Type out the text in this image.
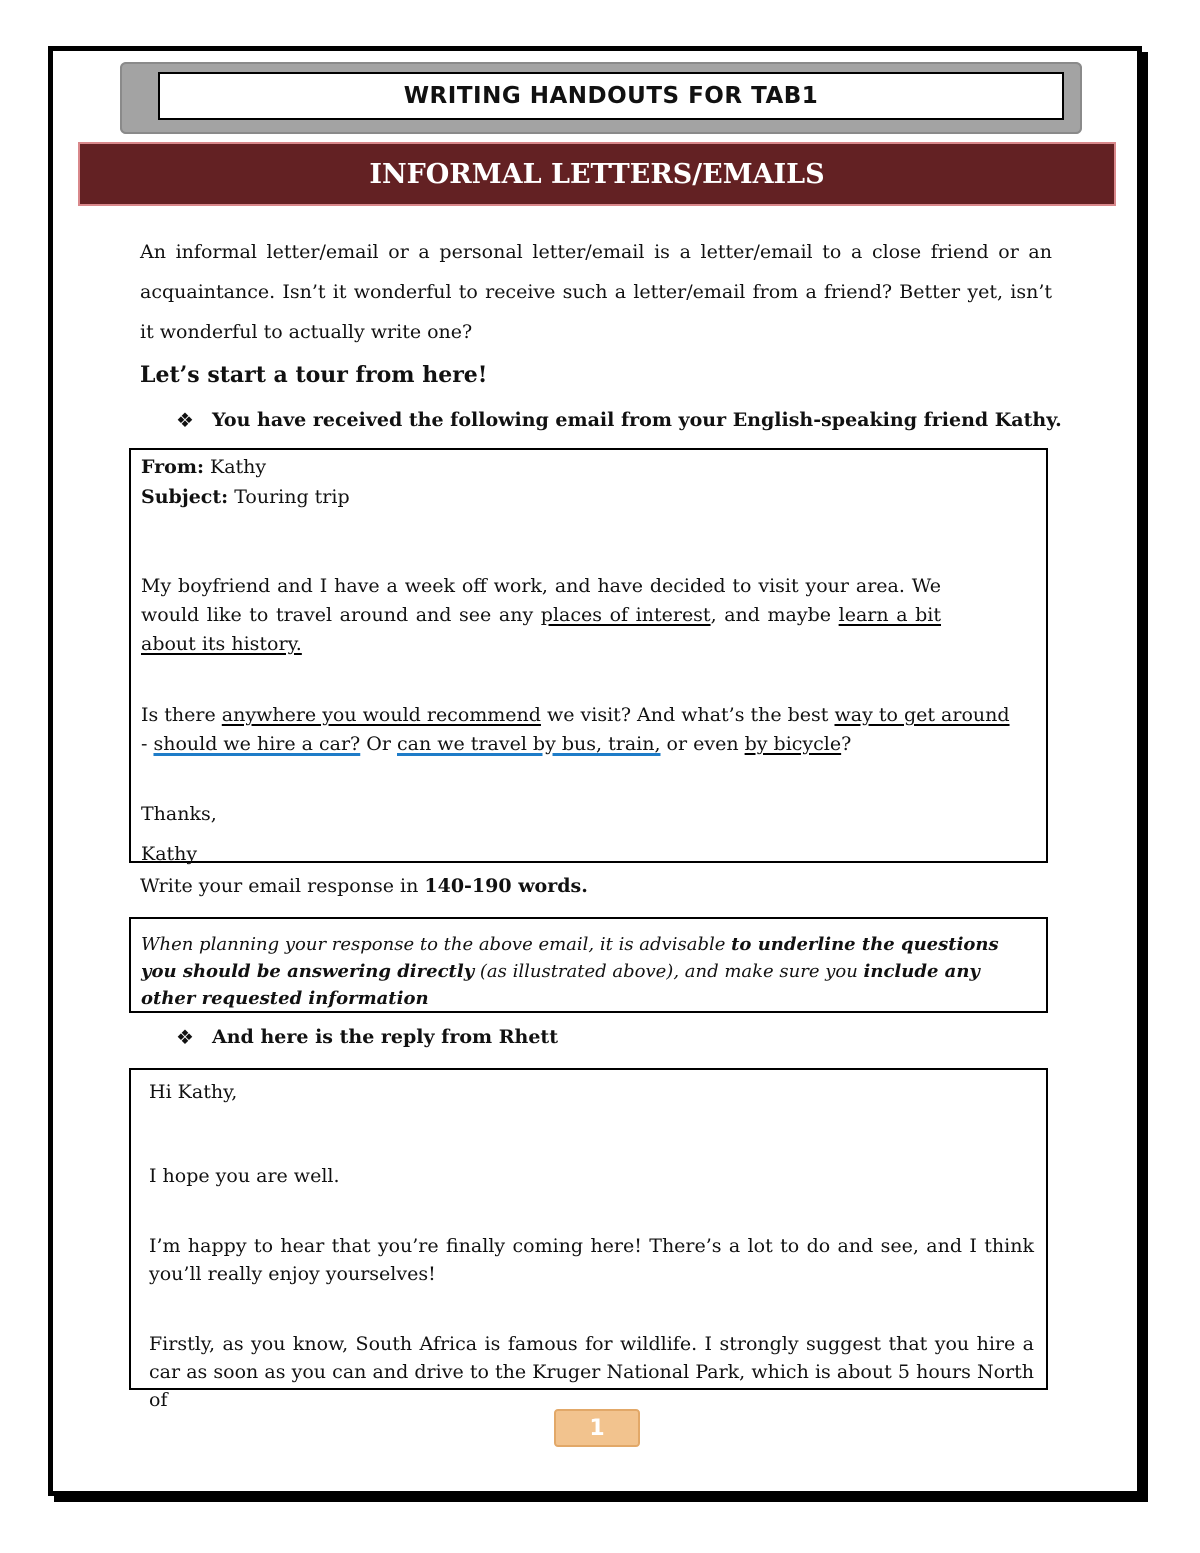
WRITING HANDOUTS FOR TAB1
INFORMAL LETTERS/EMAILS

An informal letter/email or a personal letter/email is a letter/email to a close friend or an acquaintance. Isn’t it wonderful to receive such a letter/email from a friend? Better yet, isn’t it wonderful to actually write one?

Let’s start a tour from here!

❖ You have received the following email from your English-speaking friend Kathy.

From: Kathy

Subject: Touring trip

My boyfriend and I have a week off work, and have decided to visit your area. We would like to travel around and see any places of interest, and maybe learn a bit about its history.

Is there anywhere you would recommend we visit? And what’s the best way to get around - should we hire a car? Or can we travel by bus, train, or even by bicycle?

Thanks,

Kathy

Write your email response in 140-190 words.

When planning your response to the above email, it is advisable to underline the questions you should be answering directly (as illustrated above), and make sure you include any other requested information

❖ And here is the reply from Rhett

Hi Kathy,

I hope you are well.

I’m happy to hear that you’re finally coming here! There’s a lot to do and see, and I think you’ll really enjoy yourselves!

Firstly, as you know, South Africa is famous for wildlife. I strongly suggest that you hire a car as soon as you can and drive to the Kruger National Park, which is about 5 hours North of

1
